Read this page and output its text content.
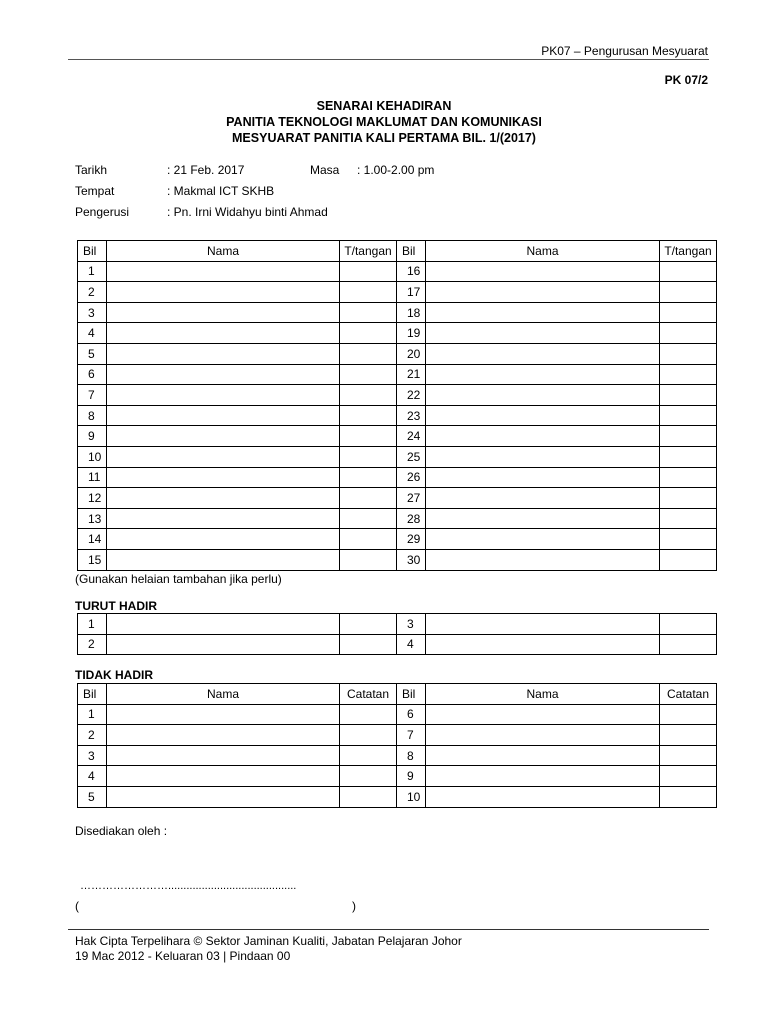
PK07 – Pengurusan Mesyuarat
PK 07/2
SENARAI KEHADIRAN
PANITIA TEKNOLOGI MAKLUMAT DAN KOMUNIKASI
MESYUARAT PANITIA KALI PERTAMA BIL. 1/(2017)
Tarikh	: 21 Feb. 2017	Masa : 1.00-2.00 pm
Tempat	: Makmal ICT SKHB
Pengerusi	: Pn. Irni Widahyu binti Ahmad
Bil	Nama	T/tangan	Bil	Nama	T/tangan
1			16		
2			17		
3			18		
4			19		
5			20		
6			21		
7			22		
8			23		
9			24		
10			25		
11			26		
12			27		
13			28		
14			29		
15			30		
(Gunakan helaian tambahan jika perlu)
TURUT HADIR
1			3		
2			4		
TIDAK HADIR
Bil	Nama	Catatan	Bil	Nama	Catatan
1			6		
2			7		
3			8		
4			9		
5			10		
Disediakan oleh :
……………………..........................................
(	)
Hak Cipta Terpelihara © Sektor Jaminan Kualiti, Jabatan Pelajaran Johor
19 Mac 2012 - Keluaran 03 | Pindaan 00
